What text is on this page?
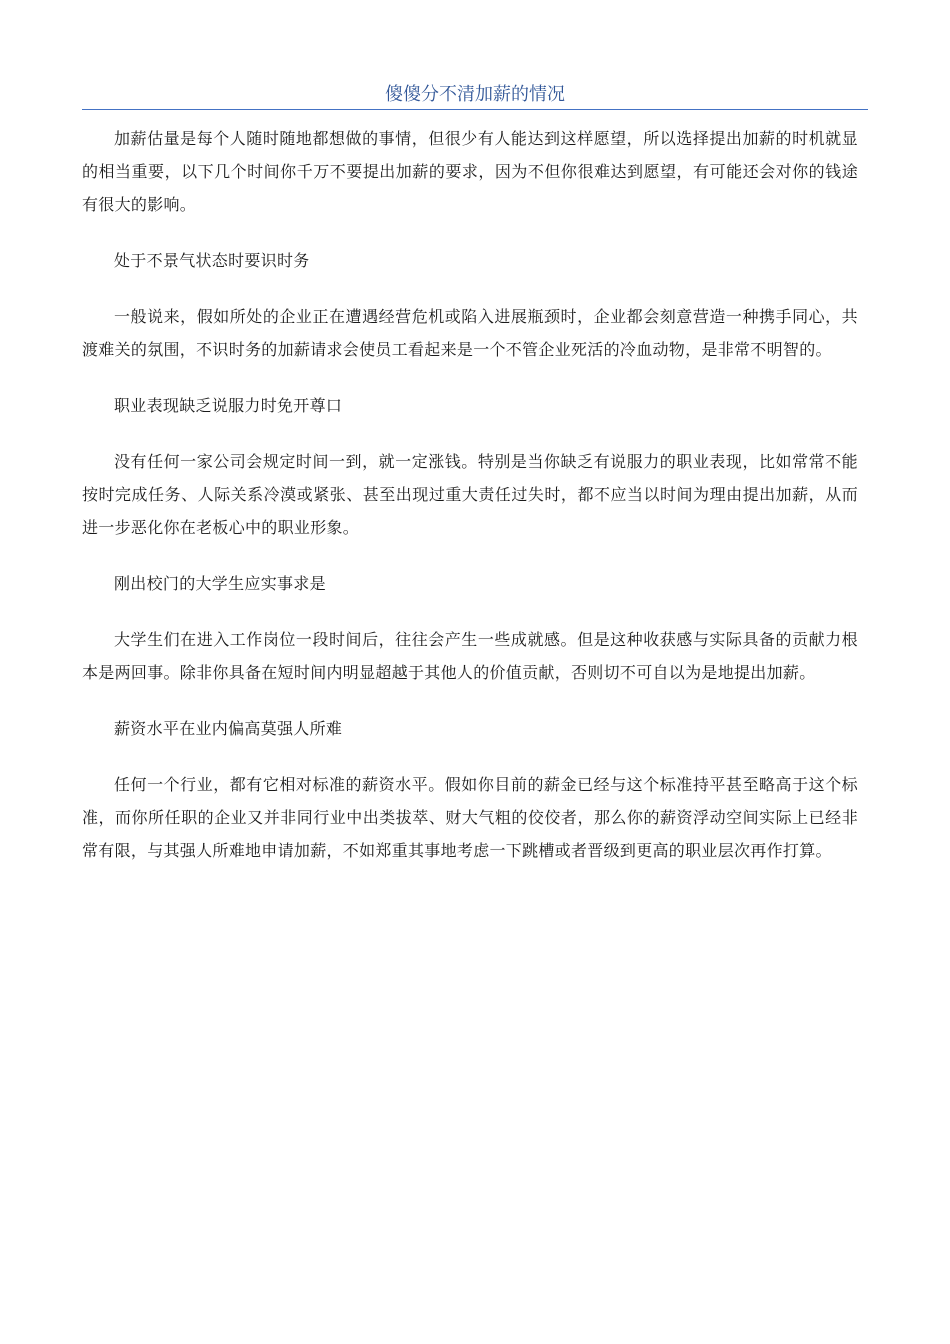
傻傻分不清加薪的情况

加薪估量是每个人随时随地都想做的事情，但很少有人能达到这样愿望，所以选择提出加薪的时机就显的相当重要，以下几个时间你千万不要提出加薪的要求，因为不但你很难达到愿望，有可能还会对你的钱途有很大的影响。

处于不景气状态时要识时务

一般说来，假如所处的企业正在遭遇经营危机或陷入进展瓶颈时，企业都会刻意营造一种携手同心，共渡难关的氛围，不识时务的加薪请求会使员工看起来是一个不管企业死活的冷血动物，是非常不明智的。

职业表现缺乏说服力时免开尊口

没有任何一家公司会规定时间一到，就一定涨钱。特别是当你缺乏有说服力的职业表现，比如常常不能按时完成任务、人际关系冷漠或紧张、甚至出现过重大责任过失时，都不应当以时间为理由提出加薪，从而进一步恶化你在老板心中的职业形象。

刚出校门的大学生应实事求是

大学生们在进入工作岗位一段时间后，往往会产生一些成就感。但是这种收获感与实际具备的贡献力根本是两回事。除非你具备在短时间内明显超越于其他人的价值贡献，否则切不可自以为是地提出加薪。

薪资水平在业内偏高莫强人所难

任何一个行业，都有它相对标准的薪资水平。假如你目前的薪金已经与这个标准持平甚至略高于这个标准，而你所任职的企业又并非同行业中出类拔萃、财大气粗的佼佼者，那么你的薪资浮动空间实际上已经非常有限，与其强人所难地申请加薪，不如郑重其事地考虑一下跳槽或者晋级到更高的职业层次再作打算。
